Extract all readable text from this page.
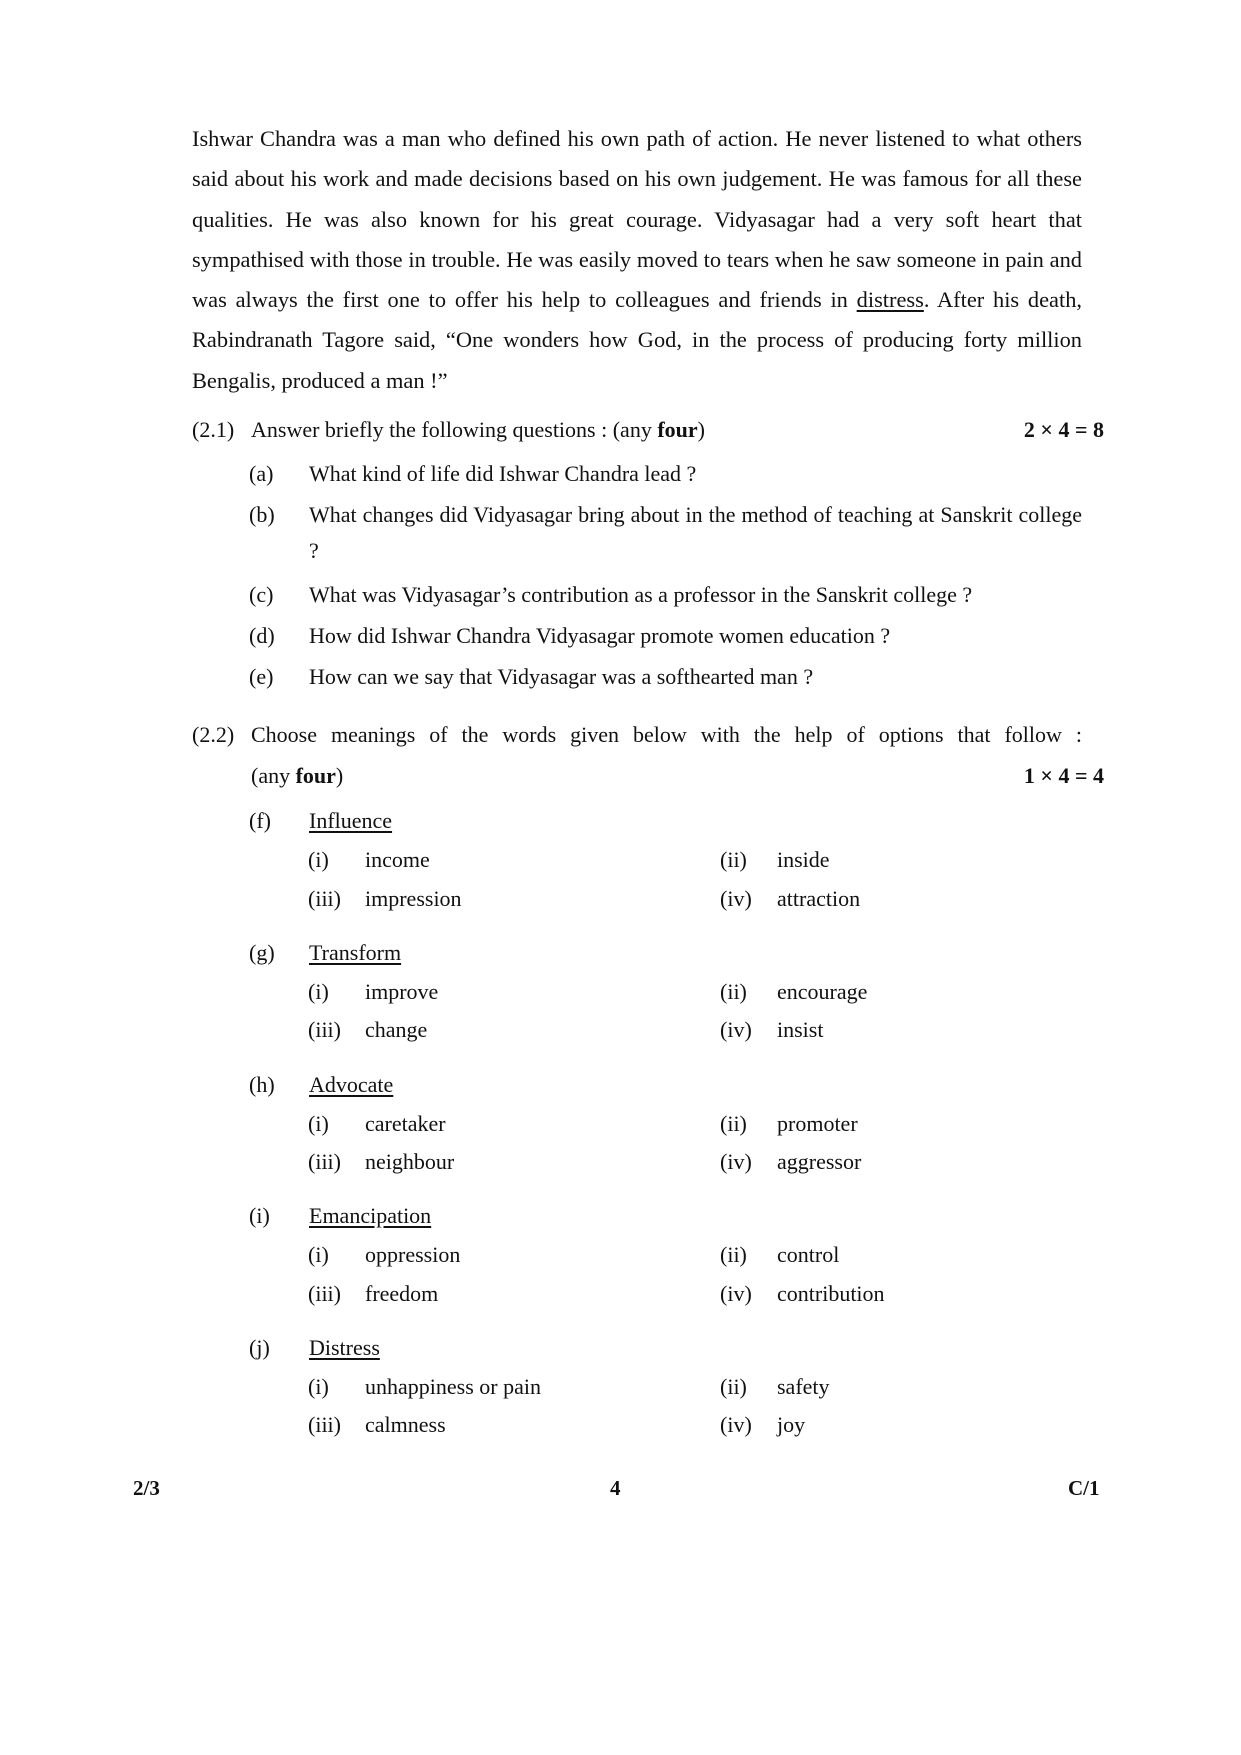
Ishwar Chandra was a man who defined his own path of action. He never listened to what others said about his work and made decisions based on his own judgement. He was famous for all these qualities. He was also known for his great courage. Vidyasagar had a very soft heart that sympathised with those in trouble. He was easily moved to tears when he saw someone in pain and was always the first one to offer his help to colleagues and friends in distress. After his death, Rabindranath Tagore said, “One wonders how God, in the process of producing forty million Bengalis, produced a man !”

(2.1) Answer briefly the following questions : (any four)	2 × 4 = 8
(a) What kind of life did Ishwar Chandra lead ?
(b) What changes did Vidyasagar bring about in the method of teaching at Sanskrit college ?
(c) What was Vidyasagar’s contribution as a professor in the Sanskrit college ?
(d) How did Ishwar Chandra Vidyasagar promote women education ?
(e) How can we say that Vidyasagar was a softhearted man ?
(2.2) Choose meanings of the words given below with the help of options that follow :
(any four)	1 × 4 = 4
(f) Influence
(i) income	(ii) inside
(iii) impression	(iv) attraction
(g) Transform
(i) improve	(ii) encourage
(iii) change	(iv) insist
(h) Advocate
(i) caretaker	(ii) promoter
(iii) neighbour	(iv) aggressor
(i) Emancipation
(i) oppression	(ii) control
(iii) freedom	(iv) contribution
(j) Distress
(i) unhappiness or pain	(ii) safety
(iii) calmness	(iv) joy
2/3	4	C/1
